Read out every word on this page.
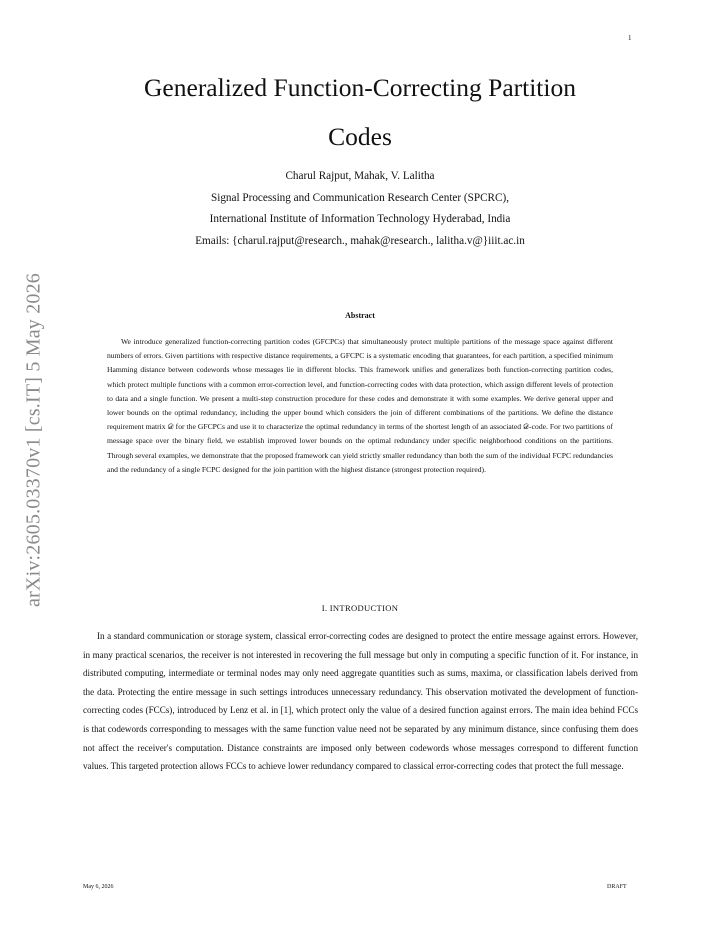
1
arXiv:2605.03370v1 [cs.IT] 5 May 2026
Generalized Function-Correcting Partition Codes
Charul Rajput, Mahak, V. Lalitha
Signal Processing and Communication Research Center (SPCRC),
International Institute of Information Technology Hyderabad, India
Emails: {charul.rajput@research., mahak@research., lalitha.v@}iiit.ac.in
Abstract

We introduce generalized function-correcting partition codes (GFCPCs) that simultaneously protect multiple partitions of the message space against different numbers of errors. Given partitions with respective distance requirements, a GFCPC is a systematic encoding that guarantees, for each partition, a specified minimum Hamming distance between codewords whose messages lie in different blocks. This framework unifies and generalizes both function-correcting partition codes, which protect multiple functions with a common error-correction level, and function-correcting codes with data protection, which assign different levels of protection to data and a single function. We present a multi-step construction procedure for these codes and demonstrate it with some examples. We derive general upper and lower bounds on the optimal redundancy, including the upper bound which considers the join of different combinations of the partitions. We define the distance requirement matrix 𝒟 for the GFCPCs and use it to characterize the optimal redundancy in terms of the shortest length of an associated 𝒟-code. For two partitions of message space over the binary field, we establish improved lower bounds on the optimal redundancy under specific neighborhood conditions on the partitions. Through several examples, we demonstrate that the proposed framework can yield strictly smaller redundancy than both the sum of the individual FCPC redundancies and the redundancy of a single FCPC designed for the join partition with the highest distance (strongest protection required).

I. INTRODUCTION

In a standard communication or storage system, classical error-correcting codes are designed to protect the entire message against errors. However, in many practical scenarios, the receiver is not interested in recovering the full message but only in computing a specific function of it. For instance, in distributed computing, intermediate or terminal nodes may only need aggregate quantities such as sums, maxima, or classification labels derived from the data. Protecting the entire message in such settings introduces unnecessary redundancy. This observation motivated the development of function-correcting codes (FCCs), introduced by Lenz et al. in [1], which protect only the value of a desired function against errors. The main idea behind FCCs is that codewords corresponding to messages with the same function value need not be separated by any minimum distance, since confusing them does not affect the receiver's computation. Distance constraints are imposed only between codewords whose messages correspond to different function values. This targeted protection allows FCCs to achieve lower redundancy compared to classical error-correcting codes that protect the full message.

May 6, 2026	DRAFT
